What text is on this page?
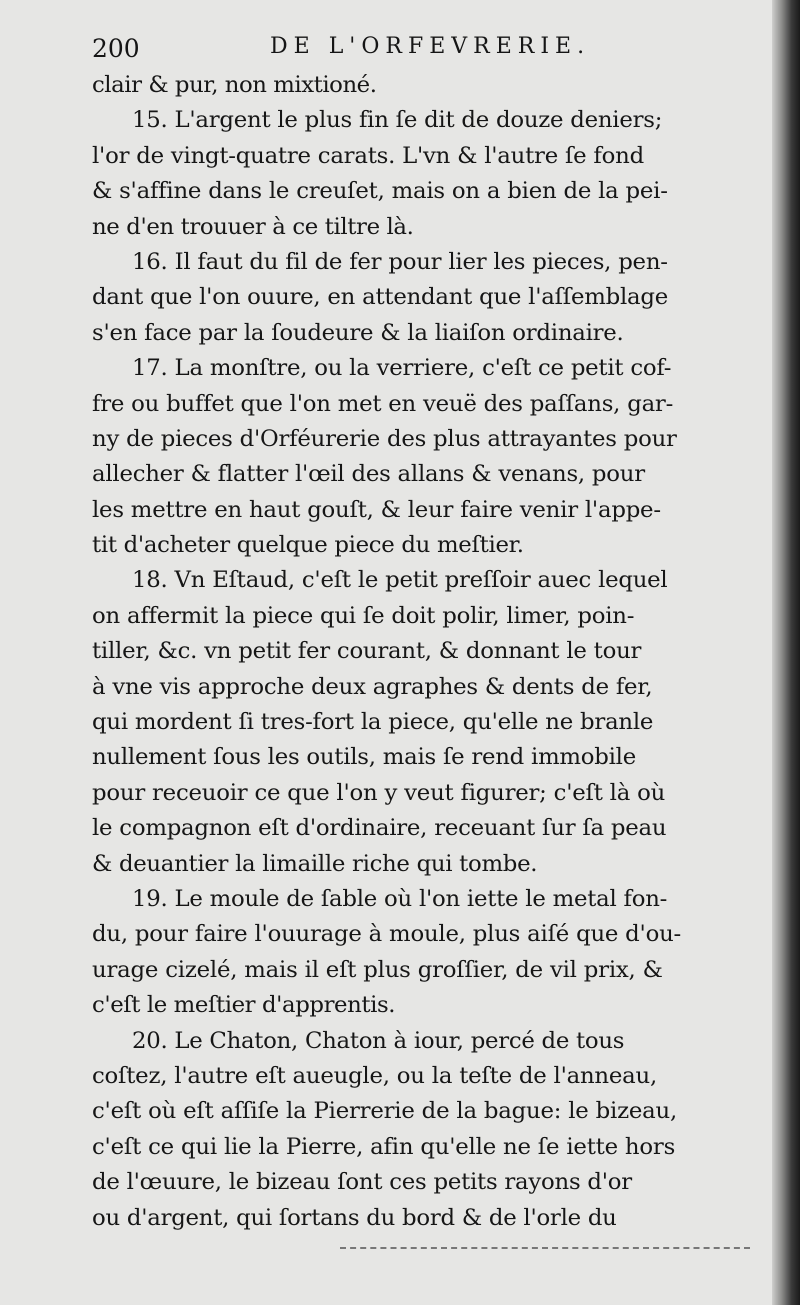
200	DE L'ORFEVRERIE.
clair & pur, non mixtioné.
15. L'argent le plus fin ſe dit de douze deniers;
l'or de vingt-quatre carats. L'vn & l'autre ſe fond
& s'affine dans le creuſet, mais on a bien de la pei-
ne d'en trouuer à ce tiltre là.
16. Il faut du fil de fer pour lier les pieces, pen-
dant que l'on ouure, en attendant que l'aſſemblage
s'en face par la ſoudeure & la liaiſon ordinaire.
17. La monſtre, ou la verriere, c'eſt ce petit cof-
fre ou buffet que l'on met en veuë des paſſans, gar-
ny de pieces d'Orféurerie des plus attrayantes pour
allecher & flatter l'œil des allans & venans, pour
les mettre en haut gouſt, & leur faire venir l'appe-
tit d'acheter quelque piece du meſtier.
18. Vn Eſtaud, c'eſt le petit preſſoir auec lequel
on affermit la piece qui ſe doit polir, limer, poin-
tiller, &c. vn petit fer courant, & donnant le tour
à vne vis approche deux agraphes & dents de fer,
qui mordent ſi tres-fort la piece, qu'elle ne branle
nullement ſous les outils, mais ſe rend immobile
pour receuoir ce que l'on y veut figurer; c'eſt là où
le compagnon eſt d'ordinaire, receuant ſur ſa peau
& deuantier la limaille riche qui tombe.
19. Le moule de ſable où l'on iette le metal fon-
du, pour faire l'ouurage à moule, plus aiſé que d'ou-
urage cizelé, mais il eſt plus groſſier, de vil prix, &
c'eſt le meſtier d'apprentis.
20. Le Chaton, Chaton à iour, percé de tous
coſtez, l'autre eſt aueugle, ou la teſte de l'anneau,
c'eſt où eſt aſſiſe la Pierrerie de la bague: le bizeau,
c'eſt ce qui lie la Pierre, afin qu'elle ne ſe iette hors
de l'œuure, le bizeau ſont ces petits rayons d'or
ou d'argent, qui ſortans du bord & de l'orle du
